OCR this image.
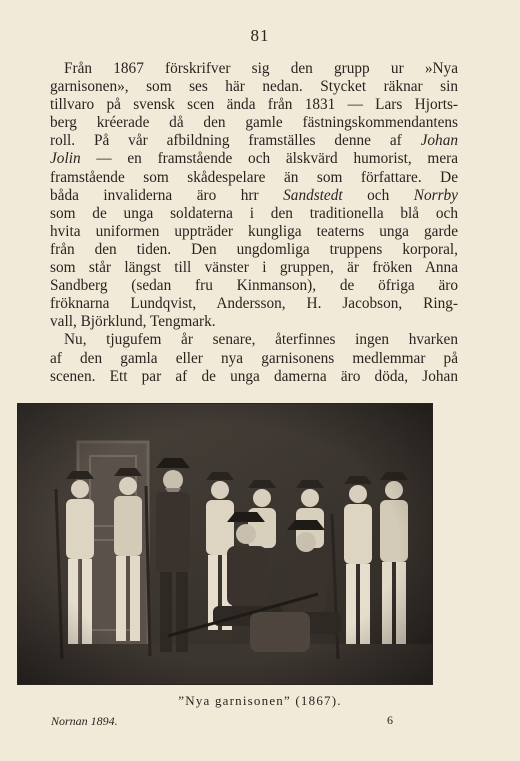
81
Från 1867 förskrifver sig den grupp ur »Nya
garnisonen», som ses här nedan. Stycket räknar sin
tillvaro på svensk scen ända från 1831 — Lars Hjorts-
berg kréerade då den gamle fästningskommendantens
roll. På vår afbildning framställes denne af Johan
Jolin — en framstående och älskvärd humorist, mera
framstående som skådespelare än som författare. De
båda invaliderna äro hrr Sandstedt och Norrby
som de unga soldaterna i den traditionella blå och
hvita uniformen uppträder kungliga teaterns unga garde
från den tiden. Den ungdomliga truppens korporal,
som står längst till vänster i gruppen, är fröken Anna
Sandberg (sedan fru Kinmanson), de öfriga äro
fröknarna Lundqvist, Andersson, H. Jacobson, Ring-
vall, Björklund, Tengmark.
Nu, tjugufem år senare, återfinnes ingen hvarken
af den gamla eller nya garnisonens medlemmar på
scenen. Ett par af de unga damerna äro döda, Johan
”Nya garnisonen” (1867).
Nornan 1894.	6
